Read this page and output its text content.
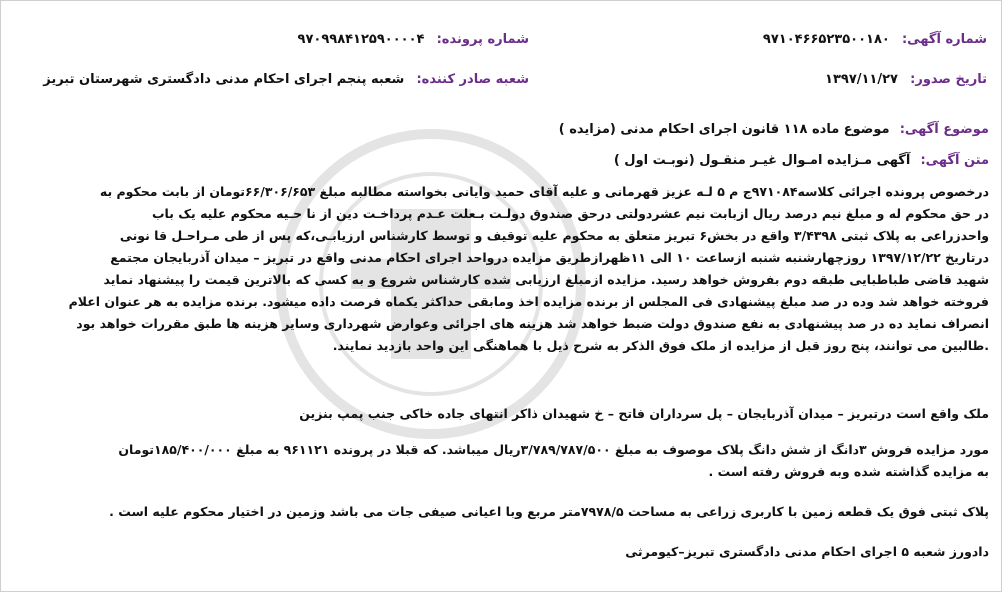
شماره آگهی: ۹۷۱۰۴۶۶۵۲۳۵۰۰۱۸۰
شماره پرونده: ۹۷۰۹۹۸۴۱۲۵۹۰۰۰۰۴
تاریخ صدور: ۱۳۹۷/۱۱/۲۷
شعبه صادر کننده: شعبه پنجم اجرای احکام مدنی دادگستری شهرستان تبریز
موضوع آگهی: موضوع ماده ۱۱۸ قانون اجرای احکام مدنی (مزایده )
متن آگهی: آگهی مـزایده امـوال غیـر منقـول (نوبـت اول )

درخصوص پرونده اجرائی کلاسه۹۷۱۰۸۴ج م ۵ لـه عزیز قهرمانی و علیه آقای حمید وایانی بخواسته مطالبه مبلغ ۶۶/۳۰۶/۶۵۳تومان از بابت محکوم به

در حق محکوم له و مبلغ نیم درصد ریال ازبابت نیم عشردولتی درحق صندوق دولـت بـعلت عـدم پرداخـت دین از نا حـیه محکوم علیه یک باب

واحدزراعی به پلاک ثبتی ۳/۴۳۹۸ واقع در بخش۶ تبریز متعلق به محکوم علیه توقیف و توسط کارشناس ارزیابـی،که پس از طی مـراحـل قا نونی

درتاریخ ۱۳۹۷/۱۲/۲۲ روزچهارشنبه شنبه ازساعت ۱۰ الی ۱۱ظهرازطریق مزایده درواحد اجرای احکام مدنی واقع در تبریز – میدان آذربایجان مجتمع

شهید قاضی طباطبایی طبقه دوم بفروش خواهد رسید. مزایده ازمبلغ ارزیابی شده کارشناس شروع و به کسی که بالاترین قیمت را پیشنهاد نماید

فروخته خواهد شد وده در صد مبلغ پیشنهادی فی المجلس از برنده مزایده اخذ ومابقی حداکثر یکماه فرصت داده میشود. برنده مزایده به هر عنوان اعلام

انصراف نماید ده در صد پیشنهادی به نفع صندوق دولت ضبط خواهد شد هزینه های اجرائی وعوارض شهرداری وسایر هزینه ها طبق مقررات خواهد بود

.طالبین می توانند، پنج روز قبل از مزایده از ملک فوق الذکر به شرح ذیل با هماهنگی این واحد بازدید نمایند.

ملک واقع است درتبریز – میدان آذربایجان – پل سرداران فاتح – خ شهیدان ذاکر انتهای جاده خاکی جنب پمپ بنزین

مورد مزایده فروش ۳دانگ از شش دانگ پلاک موصوف به مبلغ ۳/۷۸۹/۷۸۷/۵۰۰ریال میباشد. که قبلا در پرونده ۹۶۱۱۲۱ به مبلغ ۱۸۵/۴۰۰/۰۰۰تومان

به مزایده گذاشته شده وبه فروش رفته است .

پلاک ثبتی فوق یک قطعه زمین با کاربری زراعی به مساحت ۷۹۷۸/۵متر مربع وبا اعیانی صیفی جات می باشد وزمین در اختیار محکوم علیه است .

دادورز شعبه ۵ اجرای احکام مدنی دادگستری تبریز–کیومرثی
